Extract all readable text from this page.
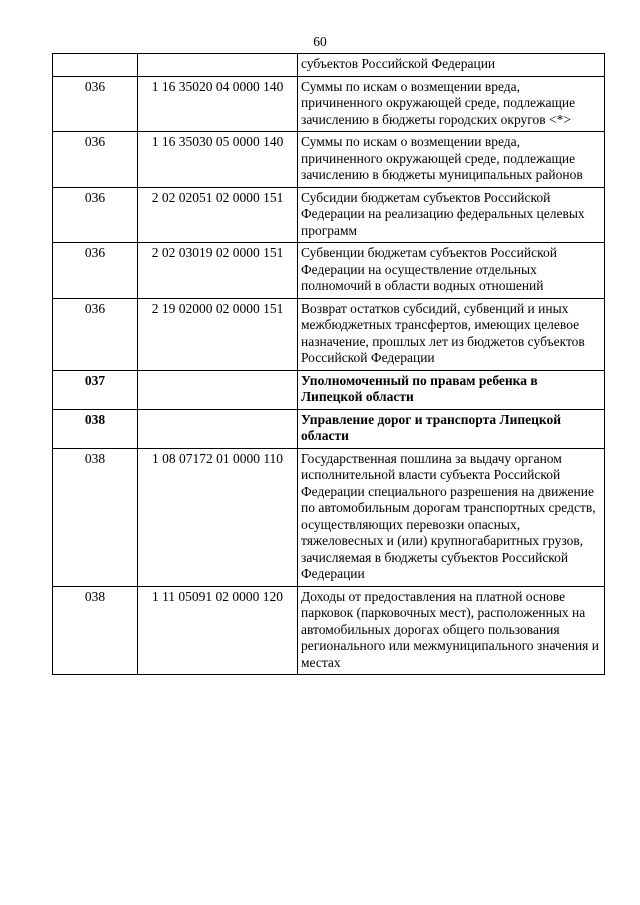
60
		субъектов Российской Федерации
036	1 16 35020 04 0000 140	Суммы по искам о возмещении вреда, причиненного окружающей среде, подлежащие зачислению в бюджеты городских округов <*>
036	1 16 35030 05 0000 140	Суммы по искам о возмещении вреда, причиненного окружающей среде, подлежащие зачислению в бюджеты муниципальных районов
036	2 02 02051 02 0000 151	Субсидии бюджетам субъектов Российской Федерации на реализацию федеральных целевых программ
036	2 02 03019 02 0000 151	Субвенции бюджетам субъектов Российской Федерации на осуществление отдельных полномочий в области водных отношений
036	2 19 02000 02 0000 151	Возврат остатков субсидий, субвенций и иных межбюджетных трансфертов, имеющих целевое назначение, прошлых лет из бюджетов субъектов Российской Федерации
037		Уполномоченный по правам ребенка в Липецкой области
038		Управление дорог и транспорта Липецкой области
038	1 08 07172 01 0000 110	Государственная пошлина за выдачу органом исполнительной власти субъекта Российской Федерации специального разрешения на движение по автомобильным дорогам транспортных средств, осуществляющих перевозки опасных, тяжеловесных и (или) крупногабаритных грузов, зачисляемая в бюджеты субъектов Российской Федерации
038	1 11 05091 02 0000 120	Доходы от предоставления на платной основе парковок (парковочных мест), расположенных на автомобильных дорогах общего пользования регионального или межмуниципального значения и местах
